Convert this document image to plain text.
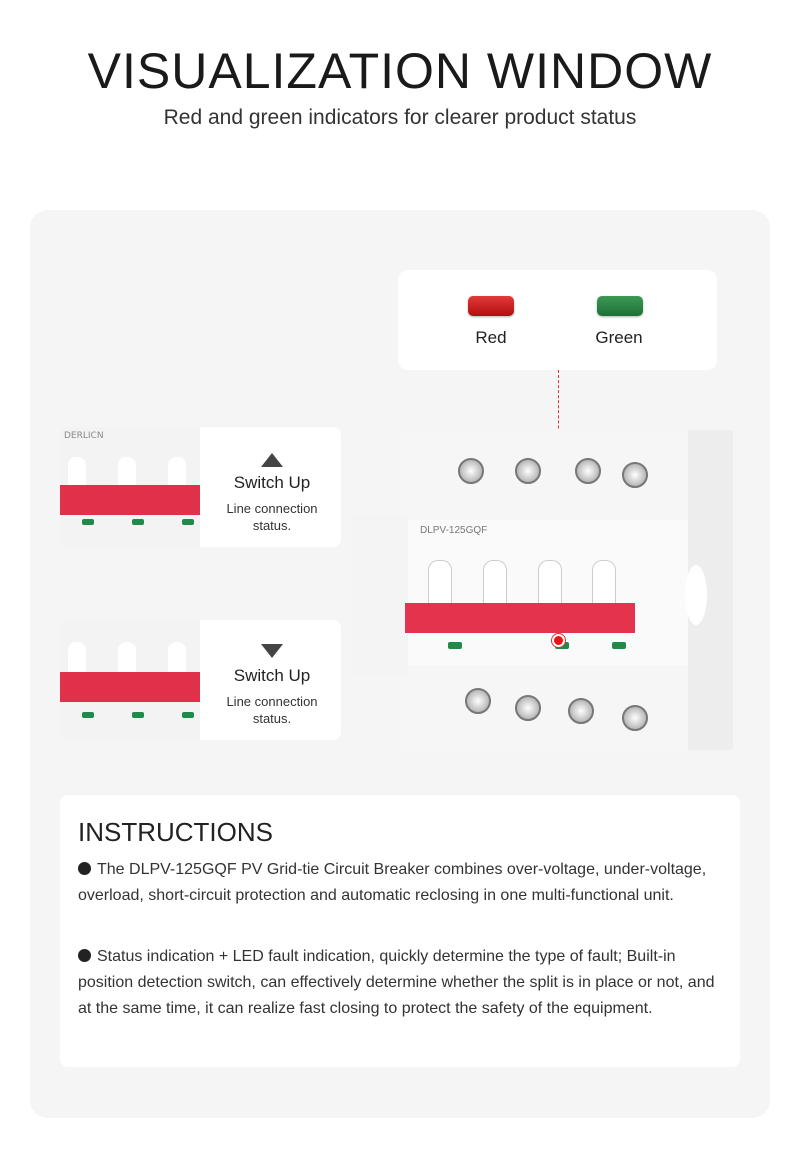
VISUALIZATION WINDOW
Red and green indicators for clearer product status
Red	Green
DERLICN
Switch Up
Line connection status.
Switch Up
Line connection status.
DLPV-125GQF
INSTRUCTIONS
The DLPV-125GQF PV Grid-tie Circuit Breaker combines over-voltage, under-voltage, overload, short-circuit protection and automatic reclosing in one multi-functional unit.
Status indication + LED fault indication, quickly determine the type of fault; Built-in position detection switch, can effectively determine whether the split is in place or not, and at the same time, it can realize fast closing to protect the safety of the equipment.
